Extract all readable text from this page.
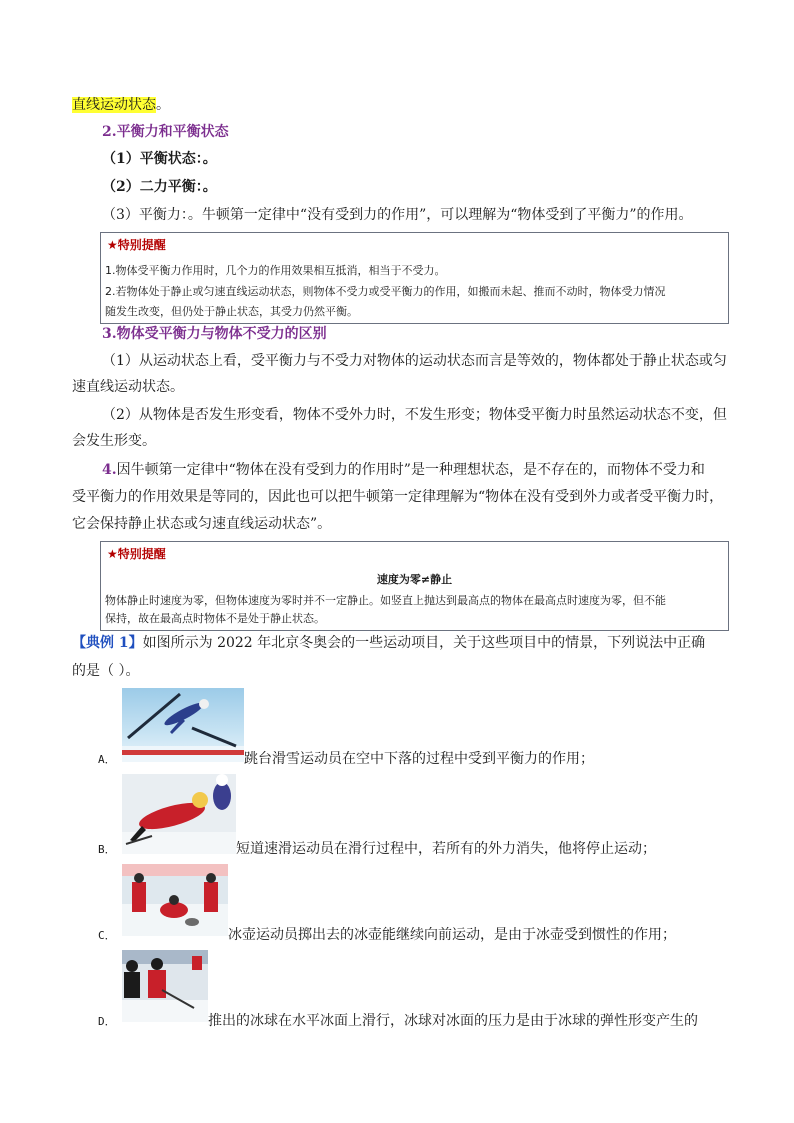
直线运动状态。
2.平衡力和平衡状态
（1）平衡状态：。
（2）二力平衡：。
（3）平衡力：。牛顿第一定律中“没有受到力的作用”，可以理解为“物体受到了平衡力”的作用。
★特别提醒
1.物体受平衡力作用时，几个力的作用效果相互抵消，相当于不受力。
2.若物体处于静止或匀速直线运动状态，则物体不受力或受平衡力的作用，如搬而未起、推而不动时，物体受力情况
随发生改变，但仍处于静止状态，其受力仍然平衡。
3.物体受平衡力与物体不受力的区别
（1）从运动状态上看，受平衡力与不受力对物体的运动状态而言是等效的，物体都处于静止状态或匀
速直线运动状态。
（2）从物体是否发生形变看，物体不受外力时，不发生形变；物体受平衡力时虽然运动状态不变，但
会发生形变。
4.因牛顿第一定律中“物体在没有受到力的作用时”是一种理想状态，是不存在的，而物体不受力和
受平衡力的作用效果是等同的，因此也可以把牛顿第一定律理解为“物体在没有受到外力或者受平衡力时，
它会保持静止状态或匀速直线运动状态”。
★特别提醒
速度为零≠静止
物体静止时速度为零，但物体速度为零时并不一定静止。如竖直上抛达到最高点的物体在最高点时速度为零，但不能
保持，故在最高点时物体不是处于静止状态。
【典例 1】如图所示为 2022 年北京冬奥会的一些运动项目，关于这些项目中的情景，下列说法中正确
的是（ ）。
A．	跳台滑雪运动员在空中下落的过程中受到平衡力的作用；
B．	短道速滑运动员在滑行过程中，若所有的外力消失，他将停止运动；
C．	冰壶运动员掷出去的冰壶能继续向前运动，是由于冰壶受到惯性的作用；
D．	推出的冰球在水平冰面上滑行，冰球对冰面的压力是由于冰球的弹性形变产生的
